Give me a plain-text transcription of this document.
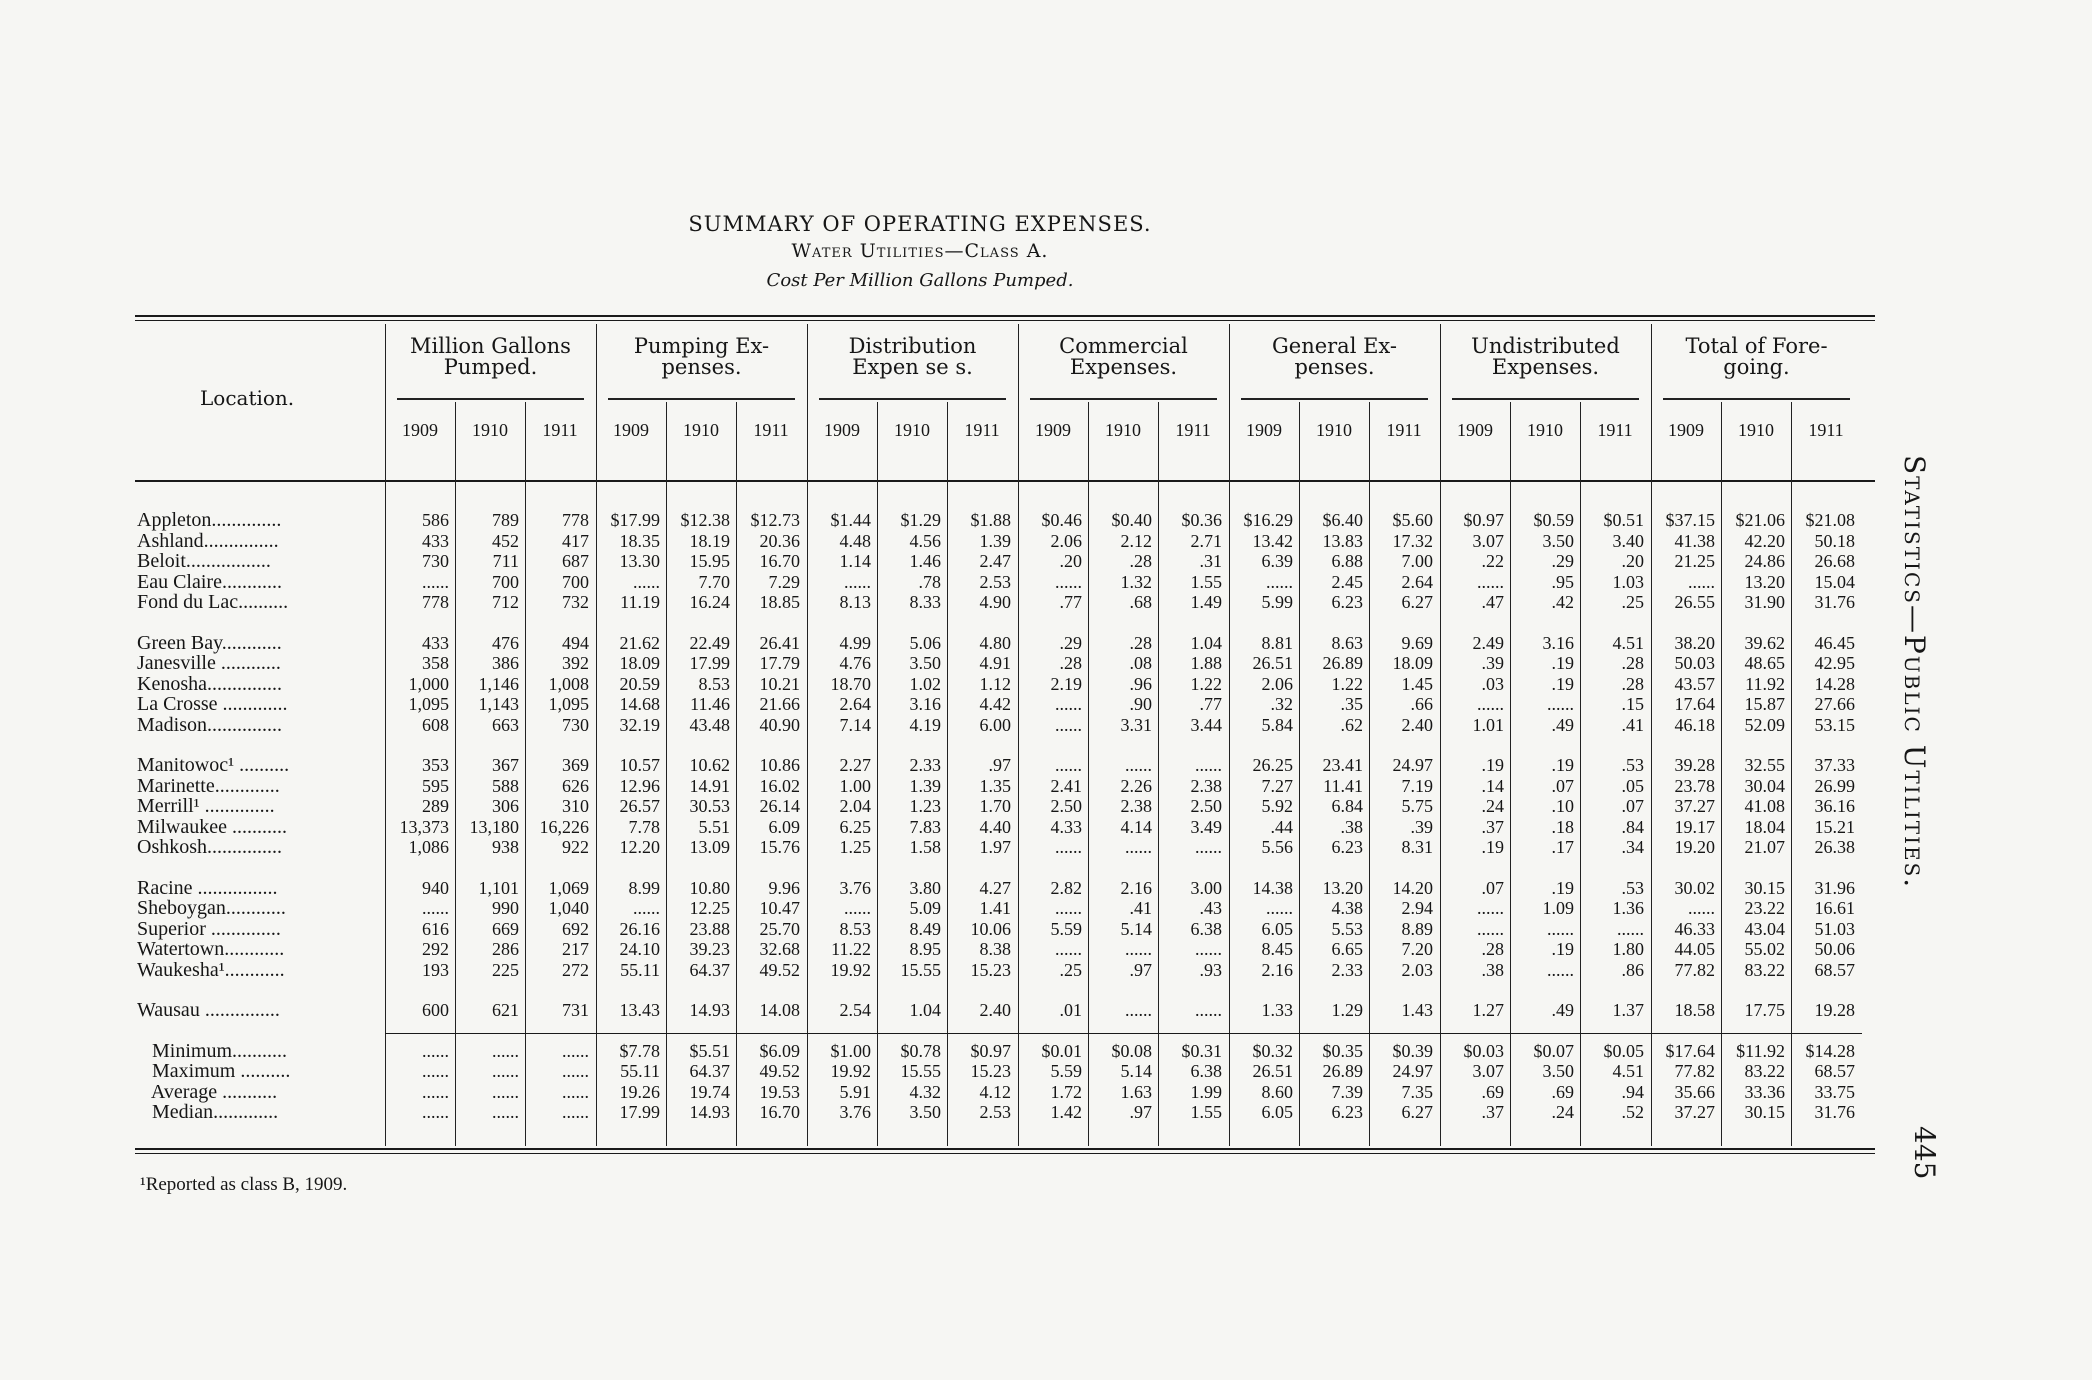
SUMMARY OF OPERATING EXPENSES.
Water Utilities—Class A.
Cost Per Million Gallons Pumped.
Location.
Million Gallons
Pumped.
1909	1910	1911
Pumping Ex-
penses.
1909	1910	1911
Distribution
Expen se s.
1909	1910	1911
Commercial
Expenses.
1909	1910	1911
General Ex-
penses.
1909	1910	1911
Undistributed
Expenses.
1909	1910	1911
Total of Fore-
going.
1909	1910	1911
Appleton..............	586	789	778	$17.99	$12.38	$12.73	$1.44	$1.29	$1.88	$0.46	$0.40	$0.36	$16.29	$6.40	$5.60	$0.97	$0.59	$0.51	$37.15	$21.06	$21.08
Ashland...............	433	452	417	18.35	18.19	20.36	4.48	4.56	1.39	2.06	2.12	2.71	13.42	13.83	17.32	3.07	3.50	3.40	41.38	42.20	50.18
Beloit.................	730	711	687	13.30	15.95	16.70	1.14	1.46	2.47	.20	.28	.31	6.39	6.88	7.00	.22	.29	.20	21.25	24.86	26.68
Eau Claire............	......	700	700	......	7.70	7.29	......	.78	2.53	......	1.32	1.55	......	2.45	2.64	......	.95	1.03	......	13.20	15.04
Fond du Lac..........	778	712	732	11.19	16.24	18.85	8.13	8.33	4.90	.77	.68	1.49	5.99	6.23	6.27	.47	.42	.25	26.55	31.90	31.76
Green Bay............	433	476	494	21.62	22.49	26.41	4.99	5.06	4.80	.29	.28	1.04	8.81	8.63	9.69	2.49	3.16	4.51	38.20	39.62	46.45
Janesville ............	358	386	392	18.09	17.99	17.79	4.76	3.50	4.91	.28	.08	1.88	26.51	26.89	18.09	.39	.19	.28	50.03	48.65	42.95
Kenosha...............	1,000	1,146	1,008	20.59	8.53	10.21	18.70	1.02	1.12	2.19	.96	1.22	2.06	1.22	1.45	.03	.19	.28	43.57	11.92	14.28
La Crosse .............	1,095	1,143	1,095	14.68	11.46	21.66	2.64	3.16	4.42	......	.90	.77	.32	.35	.66	......	......	.15	17.64	15.87	27.66
Madison...............	608	663	730	32.19	43.48	40.90	7.14	4.19	6.00	......	3.31	3.44	5.84	.62	2.40	1.01	.49	.41	46.18	52.09	53.15
Manitowoc¹ ..........	353	367	369	10.57	10.62	10.86	2.27	2.33	.97	......	......	......	26.25	23.41	24.97	.19	.19	.53	39.28	32.55	37.33
Marinette.............	595	588	626	12.96	14.91	16.02	1.00	1.39	1.35	2.41	2.26	2.38	7.27	11.41	7.19	.14	.07	.05	23.78	30.04	26.99
Merrill¹ ..............	289	306	310	26.57	30.53	26.14	2.04	1.23	1.70	2.50	2.38	2.50	5.92	6.84	5.75	.24	.10	.07	37.27	41.08	36.16
Milwaukee ...........	13,373	13,180	16,226	7.78	5.51	6.09	6.25	7.83	4.40	4.33	4.14	3.49	.44	.38	.39	.37	.18	.84	19.17	18.04	15.21
Oshkosh...............	1,086	938	922	12.20	13.09	15.76	1.25	1.58	1.97	......	......	......	5.56	6.23	8.31	.19	.17	.34	19.20	21.07	26.38
Racine ................	940	1,101	1,069	8.99	10.80	9.96	3.76	3.80	4.27	2.82	2.16	3.00	14.38	13.20	14.20	.07	.19	.53	30.02	30.15	31.96
Sheboygan............	......	990	1,040	......	12.25	10.47	......	5.09	1.41	......	.41	.43	......	4.38	2.94	......	1.09	1.36	......	23.22	16.61
Superior ..............	616	669	692	26.16	23.88	25.70	8.53	8.49	10.06	5.59	5.14	6.38	6.05	5.53	8.89	......	......	......	46.33	43.04	51.03
Watertown............	292	286	217	24.10	39.23	32.68	11.22	8.95	8.38	......	......	......	8.45	6.65	7.20	.28	.19	1.80	44.05	55.02	50.06
Waukesha¹............	193	225	272	55.11	64.37	49.52	19.92	15.55	15.23	.25	.97	.93	2.16	2.33	2.03	.38	......	.86	77.82	83.22	68.57
Wausau ...............	600	621	731	13.43	14.93	14.08	2.54	1.04	2.40	.01	......	......	1.33	1.29	1.43	1.27	.49	1.37	18.58	17.75	19.28
Minimum...........	......	......	......	$7.78	$5.51	$6.09	$1.00	$0.78	$0.97	$0.01	$0.08	$0.31	$0.32	$0.35	$0.39	$0.03	$0.07	$0.05	$17.64	$11.92	$14.28
Maximum ..........	......	......	......	55.11	64.37	49.52	19.92	15.55	15.23	5.59	5.14	6.38	26.51	26.89	24.97	3.07	3.50	4.51	77.82	83.22	68.57
Average ...........	......	......	......	19.26	19.74	19.53	5.91	4.32	4.12	1.72	1.63	1.99	8.60	7.39	7.35	.69	.69	.94	35.66	33.36	33.75
Median.............	......	......	......	17.99	14.93	16.70	3.76	3.50	2.53	1.42	.97	1.55	6.05	6.23	6.27	.37	.24	.52	37.27	30.15	31.76
¹Reported as class B, 1909.
Statistics—Public Utilities.
445
